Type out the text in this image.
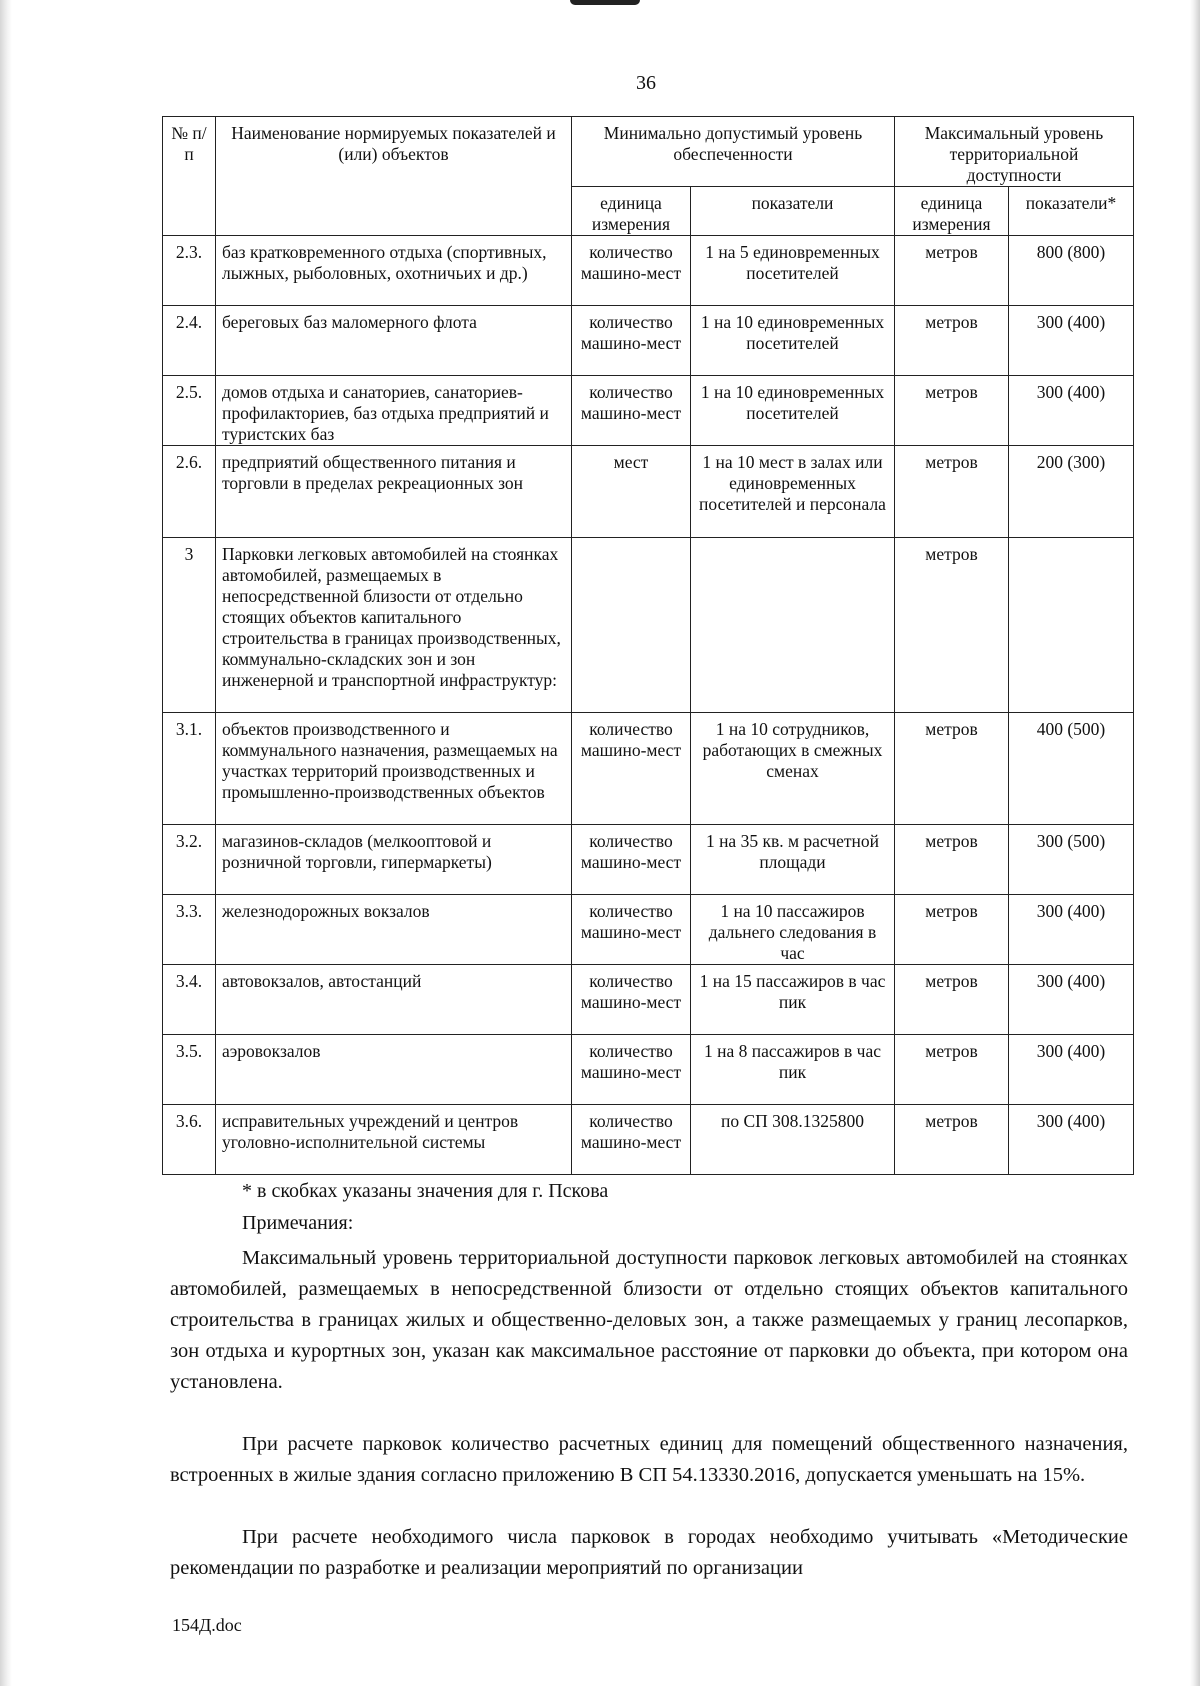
36
№ п/п	Наименование нормируемых показателей и (или) объектов	Минимально допустимый уровень обеспеченности		Максимальный уровень территориальной доступности	
		единица измерения	показатели	единица измерения	показатели*
2.3.	баз кратковременного отдыха (спортивных, лыжных, рыболовных, охотничьих и др.)	количество машино-мест	1 на 5 единовременных посетителей	метров	800 (800)
2.4.	береговых баз маломерного флота	количество машино-мест	1 на 10 единовременных посетителей	метров	300 (400)
2.5.	домов отдыха и санаториев, санаториев-профилакториев, баз отдыха предприятий и туристских баз	количество машино-мест	1 на 10 единовременных посетителей	метров	300 (400)
2.6.	предприятий общественного питания и торговли в пределах рекреационных зон	мест	1 на 10 мест в залах или единовременных посетителей и персонала	метров	200 (300)
3	Парковки легковых автомобилей на стоянках автомобилей, размещаемых в непосредственной близости от отдельно стоящих объектов капитального строительства в границах производственных, коммунально-складских зон и зон инженерной и транспортной инфраструктур:			метров	
3.1.	объектов производственного и коммунального назначения, размещаемых на участках территорий производственных и промышленно-производственных объектов	количество машино-мест	1 на 10 сотрудников, работающих в смежных сменах	метров	400 (500)
3.2.	магазинов-складов (мелкооптовой и розничной торговли, гипермаркеты)	количество машино-мест	1 на 35 кв. м расчетной площади	метров	300 (500)
3.3.	железнодорожных вокзалов	количество машино-мест	1 на 10 пассажиров дальнего следования в час	метров	300 (400)
3.4.	автовокзалов, автостанций	количество машино-мест	1 на 15 пассажиров в час пик	метров	300 (400)
3.5.	аэровокзалов	количество машино-мест	1 на 8 пассажиров в час пик	метров	300 (400)
3.6.	исправительных учреждений и центров уголовно-исполнительной системы	количество машино-мест	по СП 308.1325800	метров	300 (400)
* в скобках указаны значения для г. Пскова
Примечания:
Максимальный уровень территориальной доступности парковок легковых автомобилей на стоянках автомобилей, размещаемых в непосредственной близости от отдельно стоящих объектов капитального строительства в границах жилых и общественно-деловых зон, а также размещаемых у границ лесопарков, зон отдыха и курортных зон, указан как максимальное расстояние от парковки до объекта, при котором она установлена.
При расчете парковок количество расчетных единиц для помещений общественного назначения, встроенных в жилые здания согласно приложению В СП 54.13330.2016, допускается уменьшать на 15%.
При расчете необходимого числа парковок в городах необходимо учитывать «Методические рекомендации по разработке и реализации мероприятий по организации
154Д.doc
